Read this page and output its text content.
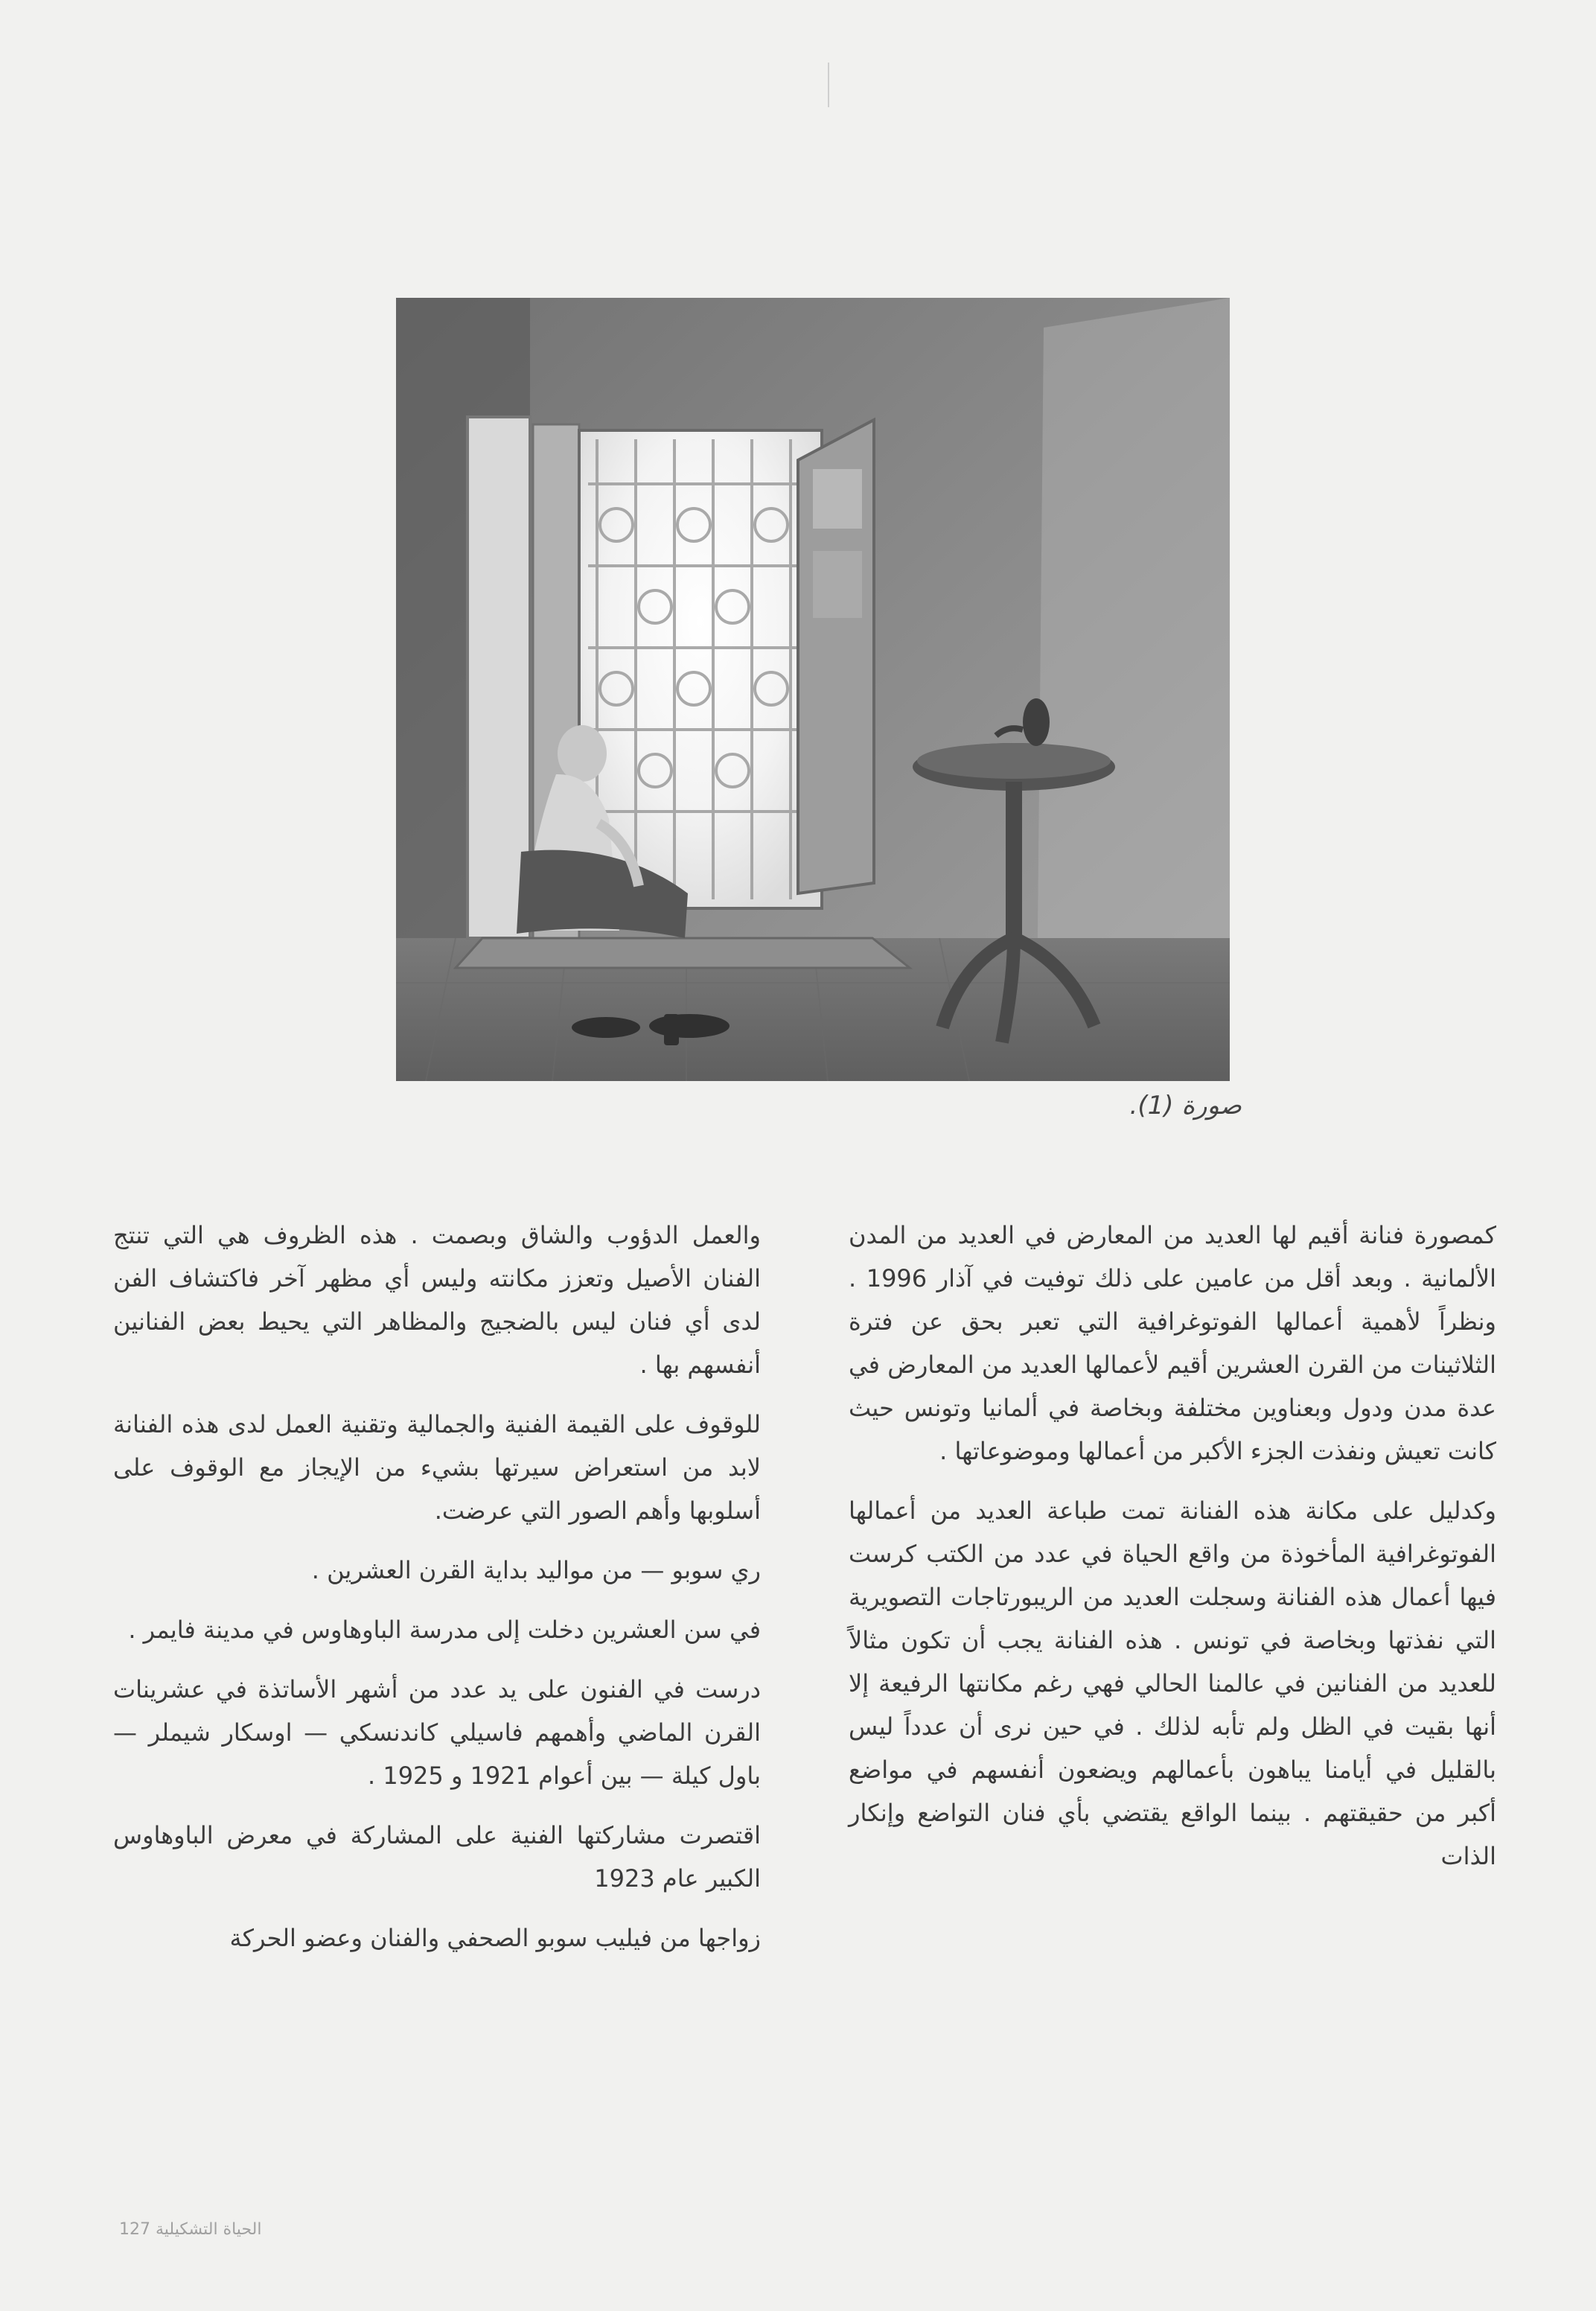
صورة (1).

كمصورة فنانة أقيم لها العديد من المعارض في العديد من المدن الألمانية . وبعد أقل من عامين على ذلك توفيت في آذار 1996 . ونظراً لأهمية أعمالها الفوتوغرافية التي تعبر بحق عن فترة الثلاثينات من القرن العشرين أقيم لأعمالها العديد من المعارض في عدة مدن ودول وبعناوين مختلفة وبخاصة في ألمانيا وتونس حيث كانت تعيش ونفذت الجزء الأكبر من أعمالها وموضوعاتها .

وكدليل على مكانة هذه الفنانة تمت طباعة العديد من أعمالها الفوتوغرافية المأخوذة من واقع الحياة في عدد من الكتب كرست فيها أعمال هذه الفنانة وسجلت العديد من الريبورتاجات التصويرية التي نفذتها وبخاصة في تونس . هذه الفنانة يجب أن تكون مثالاً للعديد من الفنانين في عالمنا الحالي فهي رغم مكانتها الرفيعة إلا أنها بقيت في الظل ولم تأبه لذلك . في حين نرى أن عدداً ليس بالقليل في أيامنا يباهون بأعمالهم ويضعون أنفسهم في مواضع أكبر من حقيقتهم . بينما الواقع يقتضي بأي فنان التواضع وإنكار الذات

والعمل الدؤوب والشاق وبصمت . هذه الظروف هي التي تنتج الفنان الأصيل وتعزز مكانته وليس أي مظهر آخر فاكتشاف الفن لدى أي فنان ليس بالضجيج والمظاهر التي يحيط بعض الفنانين أنفسهم بها .

للوقوف على القيمة الفنية والجمالية وتقنية العمل لدى هذه الفنانة لابد من استعراض سيرتها بشيء من الإيجاز مع الوقوف على أسلوبها وأهم الصور التي عرضت.

ري سوبو — من مواليد بداية القرن العشرين .

في سن العشرين دخلت إلى مدرسة الباوهاوس في مدينة فايمر .

درست في الفنون على يد عدد من أشهر الأساتذة في عشرينات القرن الماضي وأهمهم فاسيلي كاندنسكي — اوسكار شيملر — باول كيلة — بين أعوام 1921 و 1925 .

اقتصرت مشاركتها الفنية على المشاركة في معرض الباوهاوس الكبير عام 1923

زواجها من فيليب سوبو الصحفي والفنان وعضو الحركة

الحياة التشكيلية 127
